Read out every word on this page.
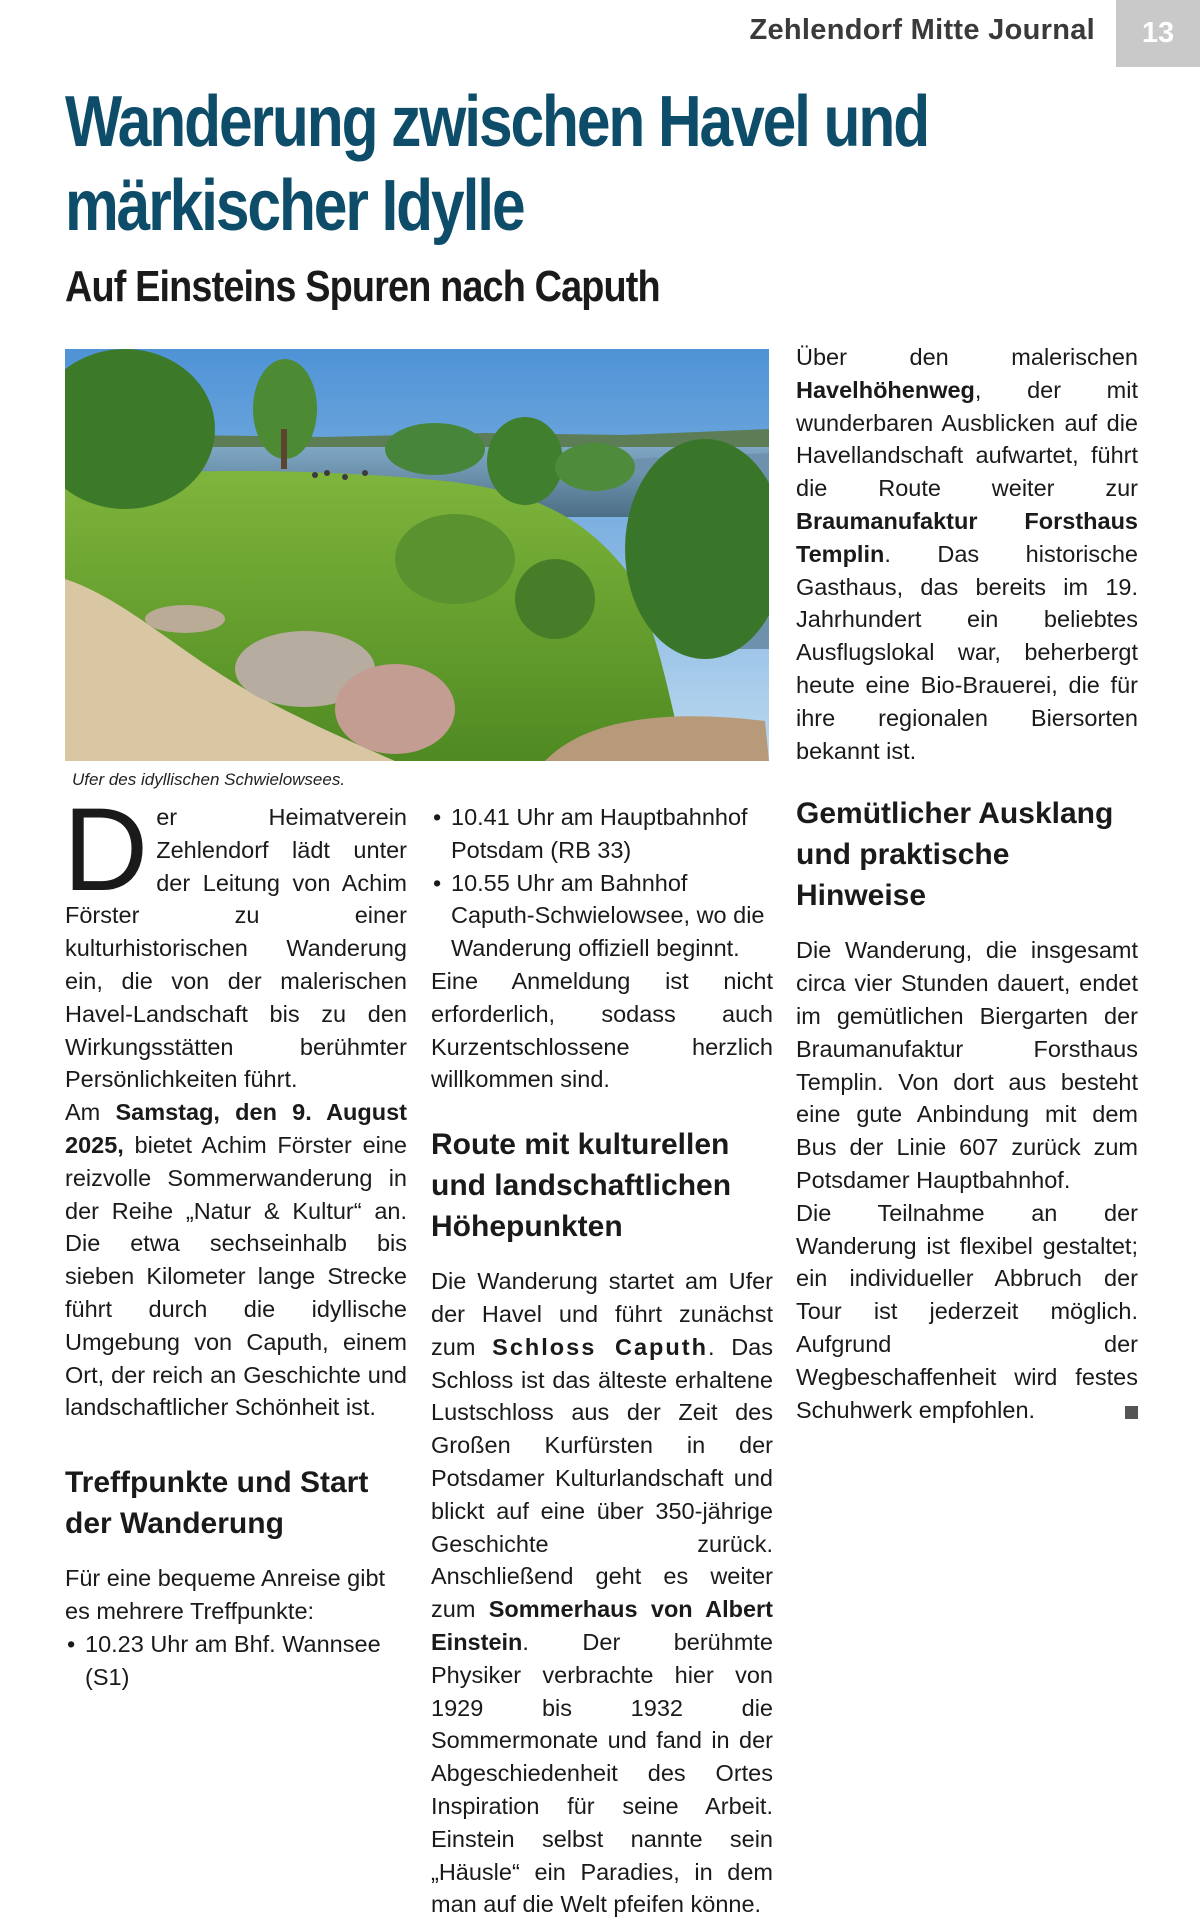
Zehlendorf Mitte Journal	13
Wanderung zwischen Havel und
märkischer Idylle
Auf Einsteins Spuren nach Caputh
Ufer des idyllischen Schwielowsees.

Der Heimatverein Zehlendorf lädt unter der Leitung von Achim Förster zu einer kulturhistorischen Wanderung ein, die von der malerischen Havel-Landschaft bis zu den Wirkungsstätten berühmter Persönlichkeiten führt.

Am Samstag, den 9. August 2025, bietet Achim Förster eine reizvolle Sommerwanderung in der Reihe „Natur & Kultur“ an. Die etwa sechseinhalb bis sieben Kilometer lange Strecke führt durch die idyllische Umgebung von Caputh, einem Ort, der reich an Geschichte und landschaftlicher Schönheit ist.

Treffpunkte und Start der Wanderung

Für eine bequeme Anreise gibt es mehrere Treffpunkte:

• 10.23 Uhr am Bhf. Wannsee (S1)
• 10.41 Uhr am Hauptbahnhof Potsdam (RB 33)
• 10.55 Uhr am Bahnhof Caputh-Schwielowsee, wo die Wanderung offiziell beginnt.

Eine Anmeldung ist nicht erforderlich, sodass auch Kurzentschlossene herzlich willkommen sind.

Route mit kulturellen und landschaftlichen Höhepunkten

Die Wanderung startet am Ufer der Havel und führt zunächst zum Schloss Caputh. Das Schloss ist das älteste erhaltene Lustschloss aus der Zeit des Großen Kurfürsten in der Potsdamer Kulturlandschaft und blickt auf eine über 350-jährige Geschichte zurück. Anschließend geht es weiter zum Sommerhaus von Albert Einstein. Der berühmte Physiker verbrachte hier von 1929 bis 1932 die Sommermonate und fand in der Abgeschiedenheit des Ortes Inspiration für seine Arbeit. Einstein selbst nannte sein „Häusle“ ein Paradies, in dem man auf die Welt pfeifen könne.

Über den malerischen Havelhöhenweg, der mit wunderbaren Ausblicken auf die Havellandschaft aufwartet, führt die Route weiter zur Braumanufaktur Forsthaus Templin. Das historische Gasthaus, das bereits im 19. Jahrhundert ein beliebtes Ausflugslokal war, beherbergt heute eine Bio-Brauerei, die für ihre regionalen Biersorten bekannt ist.

Gemütlicher Ausklang und praktische Hinweise

Die Wanderung, die insgesamt circa vier Stunden dauert, endet im gemütlichen Biergarten der Braumanufaktur Forsthaus Templin. Von dort aus besteht eine gute Anbindung mit dem Bus der Linie 607 zurück zum Potsdamer Hauptbahnhof.

Die Teilnahme an der Wanderung ist flexibel gestaltet; ein individueller Abbruch der Tour ist jederzeit möglich. Aufgrund der Wegbeschaffenheit wird festes Schuhwerk empfohlen.
